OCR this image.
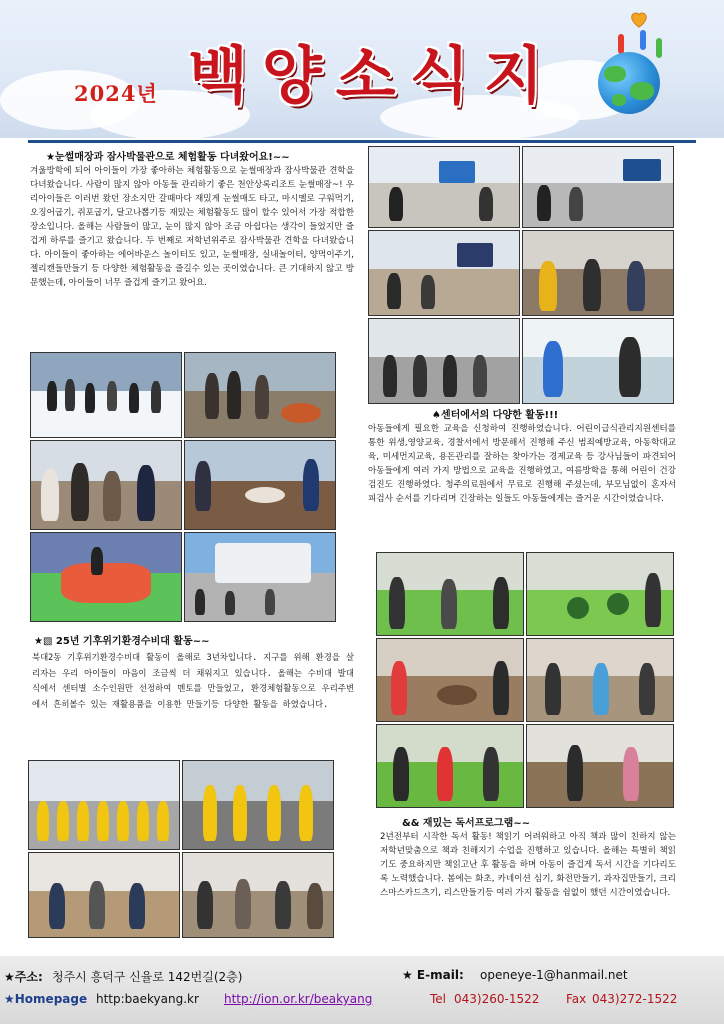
2024년 백양소식지
★눈썰매장과 잠사박물관으로 체험활동 다녀왔어요!~~
겨울방학에 되어 아이들이 가장 좋아하는 체험활동으로 눈썰매장과 잠사박물관 견학을 다녀왔습니다. 사람이 많지 않아 아동들 관리하기 좋은 천안상록리조트 눈썰매장~! 우리아이들은 이러번 왔던 장소지만 갈때마다 재밌게 눈썰매도 타고, 마시멜로 구워먹기, 오징어굽기, 쥐포굽기, 달고나뽑기등 재밌는 체험활동도 많이 할수 있어서 가장 적합한 장소입니다. 올해는 사람들이 많고, 눈이 많지 않아 조금 아쉽다는 생각이 들었지만 즐겁게 하루를 즐기고 왔습니다. 두 번째로 저학년위주로 잠사박물관 견학을 다녀왔습니다. 아이들이 좋아하는 에어바운스 놀이터도 있고, 눈썰매장, 실내놀이터, 양먹이주기, 젤리캔들만들기 등 다양한 체험활동을 즐길수 있는 곳이였습니다. 큰 기대하지 않고 방문했는데, 아이들이 너무 즐겁게 즐기고 왔어요.
★▧ 25년 기후위기환경수비대 활동~~
북대2동 기후위기환경수비대 활동이 올해로 3년차입니다. 지구를 위해 환경을 살리자는 우리 아이들이 마음이 조금씩 더 채워지고 있습니다. 올해는 수비대 발대식에서 센터별 소수인원만 선정하여 멘토를 만들었고, 환경체험활동으로 우리주변에서 흔히볼수 있는 재활용품을 이용한 만들기등 다양한 활동을 하였습니다.
♠센터에서의 다양한 활동!!!
아동들에게 필요한 교육을 신청하여 진행하였습니다. 어린이급식관리지원센터를 통한 위생,영양교육, 경찰서에서 방문해서 진행해 주신 범죄예방교육, 아동학대교육, 미세먼지교육, 용돈관리를 잘하는 찾아가는 경제교육 등 강사님들이 파견되어 아동들에게 여러 가지 방법으로 교육을 진행하였고, 여름방학을 통해 어린이 건강검진도 진행하였다. 청주의료원에서 무료로 진행해 주셨는데, 부모님없이 혼자서 피검사 순서를 기다리며 긴장하는 일들도 아동들에게는 즐거운 시간이였습니다.
&& 재밌는 독서프로그램~~
2년전부터 시작한 독서 활동! 책읽기 어려워하고 아직 책과 많이 친하지 않는 저학년맞춤으로 책과 친해지기 수업을 진행하고 있습니다. 올해는 특별히 책읽기도 중요하지만 책읽고난 후 활동을 하며 아동이 즐겁게 독서 시간을 기다리도록 노력했습니다. 봄에는 화초, 카네이션 심기, 화전만들기, 과자집만들기, 크리스마스카드츠기, 리스만들기등 여러 가지 활동을 쉼없이 했던 시간이였습니다.
★주소: 청주시 흥덕구 신율로 142번길(2층)	★ E-mail: openeye-1@hanmail.net
★Homepage http:baekyang.kr http://ion.or.kr/beakyang	Tel 043)260-1522 Fax 043)272-1522
